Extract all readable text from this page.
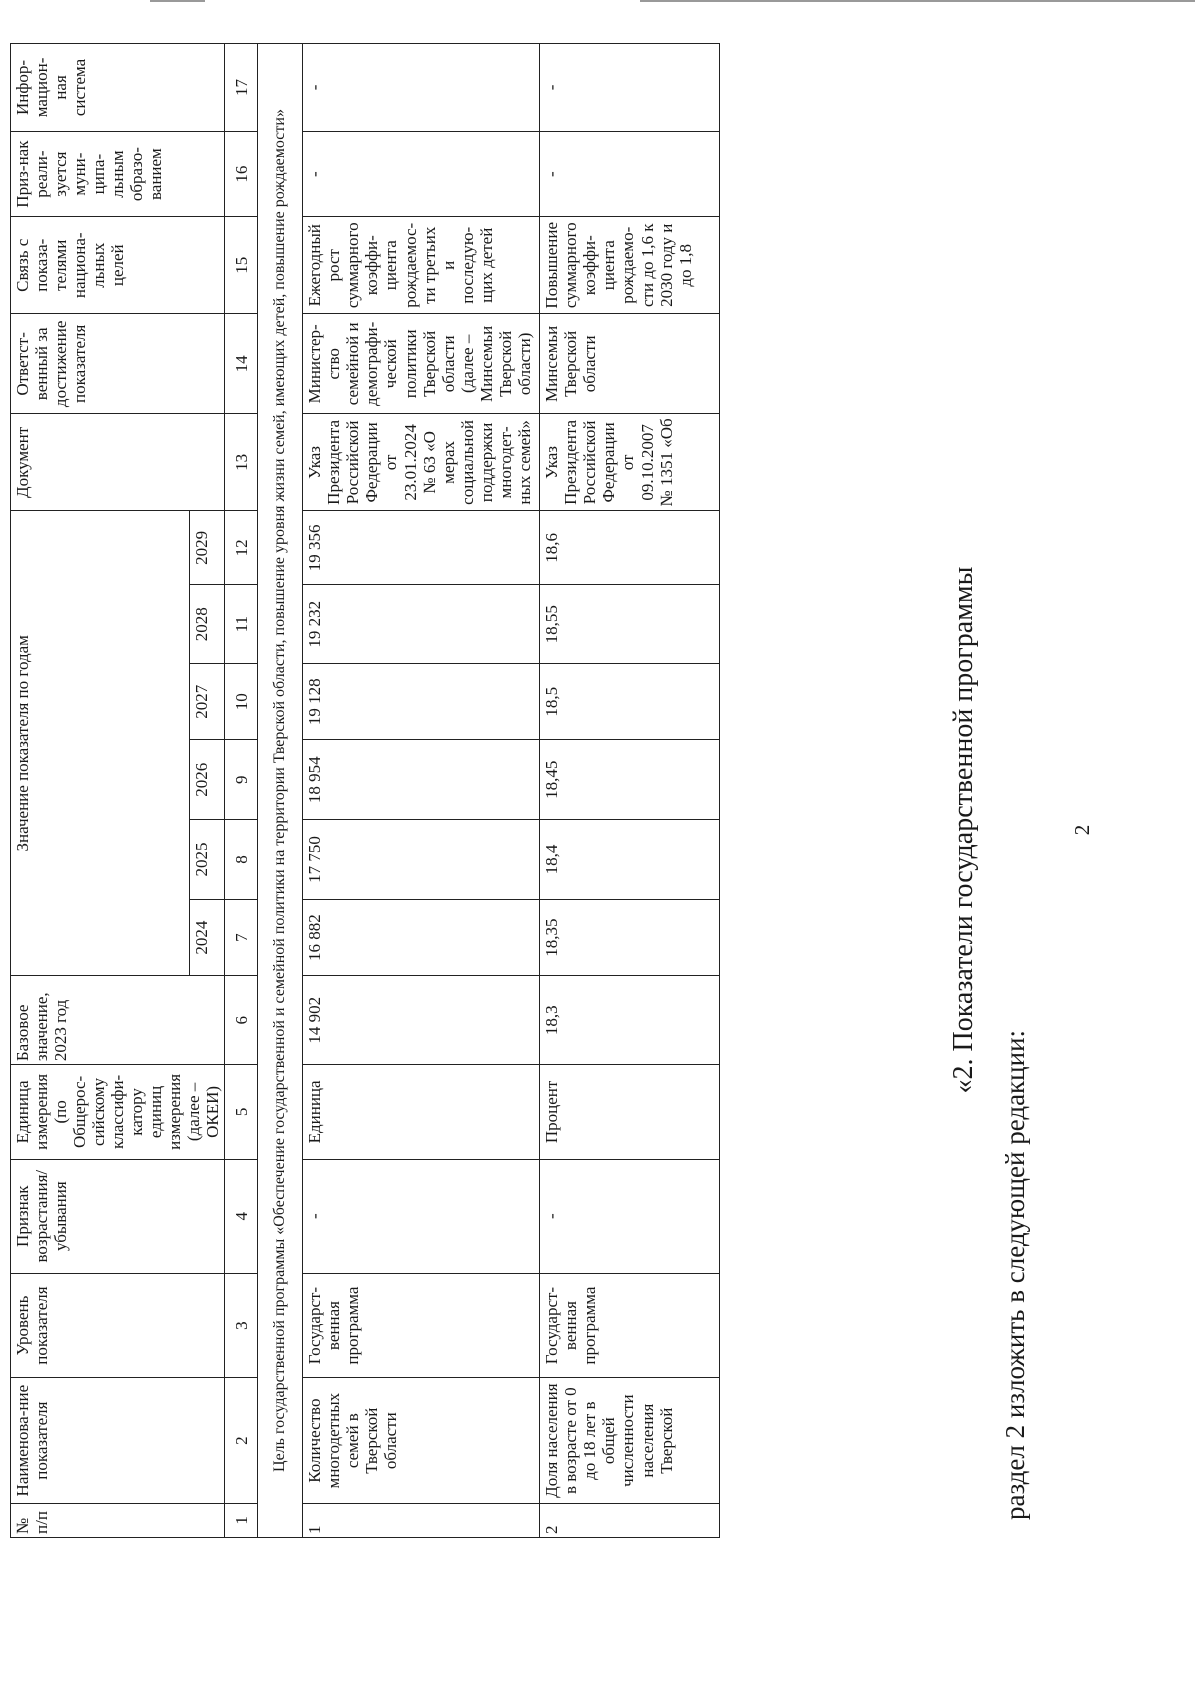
2
раздел 2 изложить в следующей редакции:
«2. Показатели государственной программы
№ п/п	Наименова-ние показателя	Уровень показателя	Признак возрастания/ убывания	Единица измерения (по Общерос-сийскому классифи-катору единиц измерения (далее – ОКЕИ)	Базовое значение, 2023 год	Значение показателя по годам						Документ	Ответст-венный за достижение показателя	Связь с показа-телями национа-льных целей	Приз-нак реали-зуется муни-ципа-льным образо-ванием	Инфор-мацион-ная система

						2024	2025	2026	2027	2028	2029					
1	2	3	4	5	6	7	8	9	10	11	12	13	14	15	16	17
Цель государственной программы «Обеспечение государственной и семейной политики на территории Тверской области, повышение уровня жизни семей, имеющих детей, повышение рождаемости»																
1	Количество многодетных семей в Тверской области	Государст-венная программа	-	Единица	14 902	16 882	17 750	18 954	19 128	19 232	19 356	Указ Президента Российской Федерации от 23.01.2024 № 63 «О мерах социальной поддержки многодет-ных семей»	Министер-ство семейной и демографи-ческой политики Тверской области (далее – Минсемьи Тверской области)	Ежегодный рост суммарного коэффи-циента рождаемос-ти третьих и последую-щих детей	-	-
2	Доля населения в возрасте от 0 до 18 лет в общей численности населения Тверской	Государст-венная программа	-	Процент	18,3	18,35	18,4	18,45	18,5	18,55	18,6	Указ Президента Российской Федерации от 09.10.2007 № 1351 «Об	Минсемьи Тверской области	Повышение суммарного коэффи-циента рождаемо-сти до 1,6 к 2030 году и до 1,8	-	-
